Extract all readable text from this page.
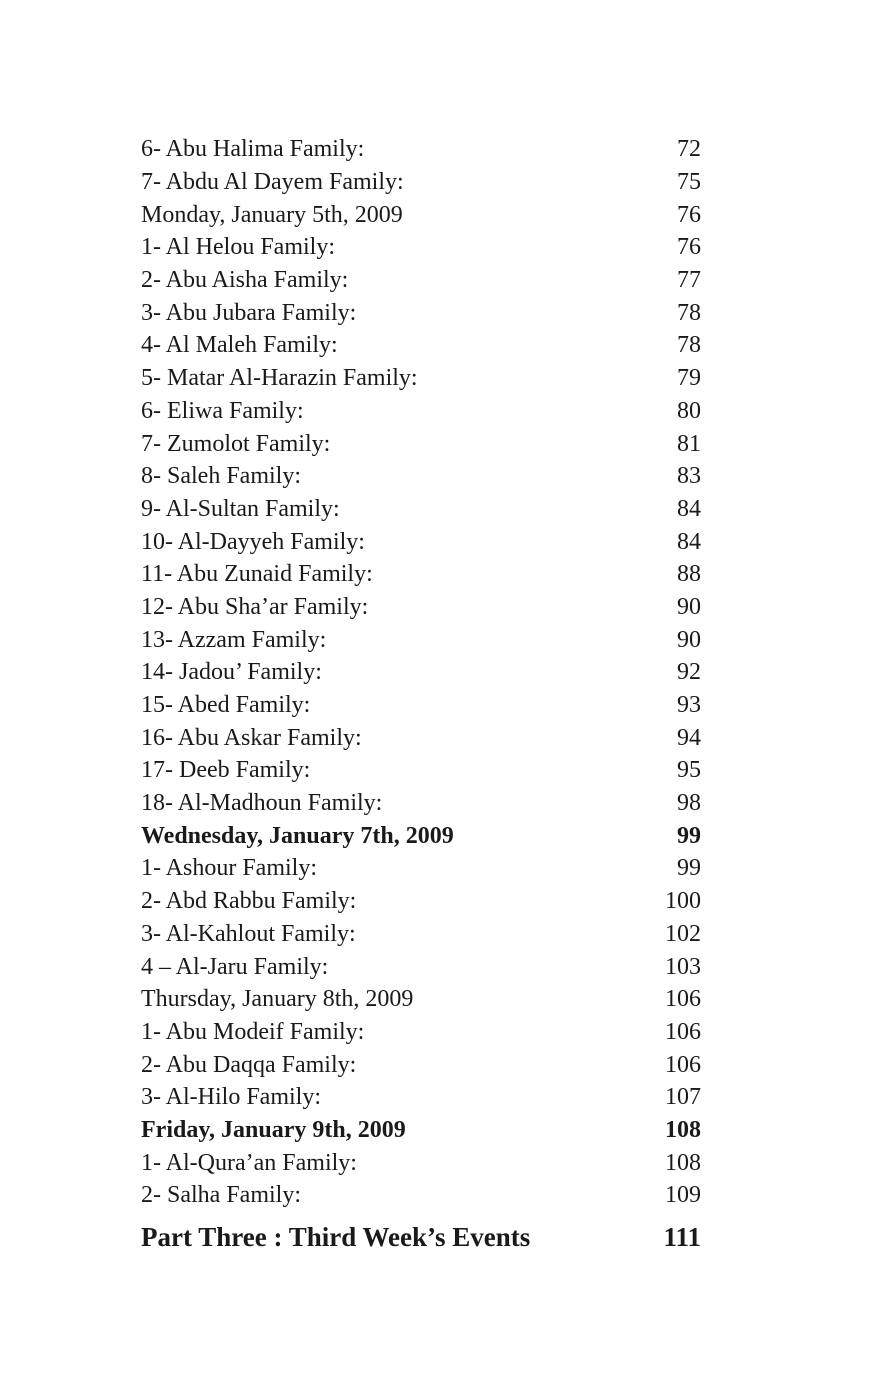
6- Abu Halima Family:	72
7- Abdu Al Dayem Family:	75
Monday, January 5th, 2009	76
1- Al Helou Family:	76
2- Abu Aisha Family:	77
3- Abu Jubara Family:	78
4- Al Maleh Family:	78
5- Matar Al-Harazin Family:	79
6- Eliwa Family:	80
7- Zumolot Family:	81
8- Saleh Family:	83
9- Al-Sultan Family:	84
10- Al-Dayyeh Family:	84
11- Abu Zunaid Family:	88
12- Abu Sha’ar Family:	90
13- Azzam Family:	90
14- Jadou’ Family:	92
15- Abed Family:	93
16- Abu Askar Family:	94
17- Deeb Family:	95
18- Al-Madhoun Family:	98
Wednesday, January 7th, 2009	99
1- Ashour Family:	99
2- Abd Rabbu Family:	100
3- Al-Kahlout Family:	102
4 – Al-Jaru Family:	103
Thursday, January 8th, 2009	106
1- Abu Modeif Family:	106
2- Abu Daqqa Family:	106
3- Al-Hilo Family:	107
Friday, January 9th, 2009	108
1- Al-Qura’an Family:	108
2- Salha Family:	109
Part Three : Third Week’s Events	111
